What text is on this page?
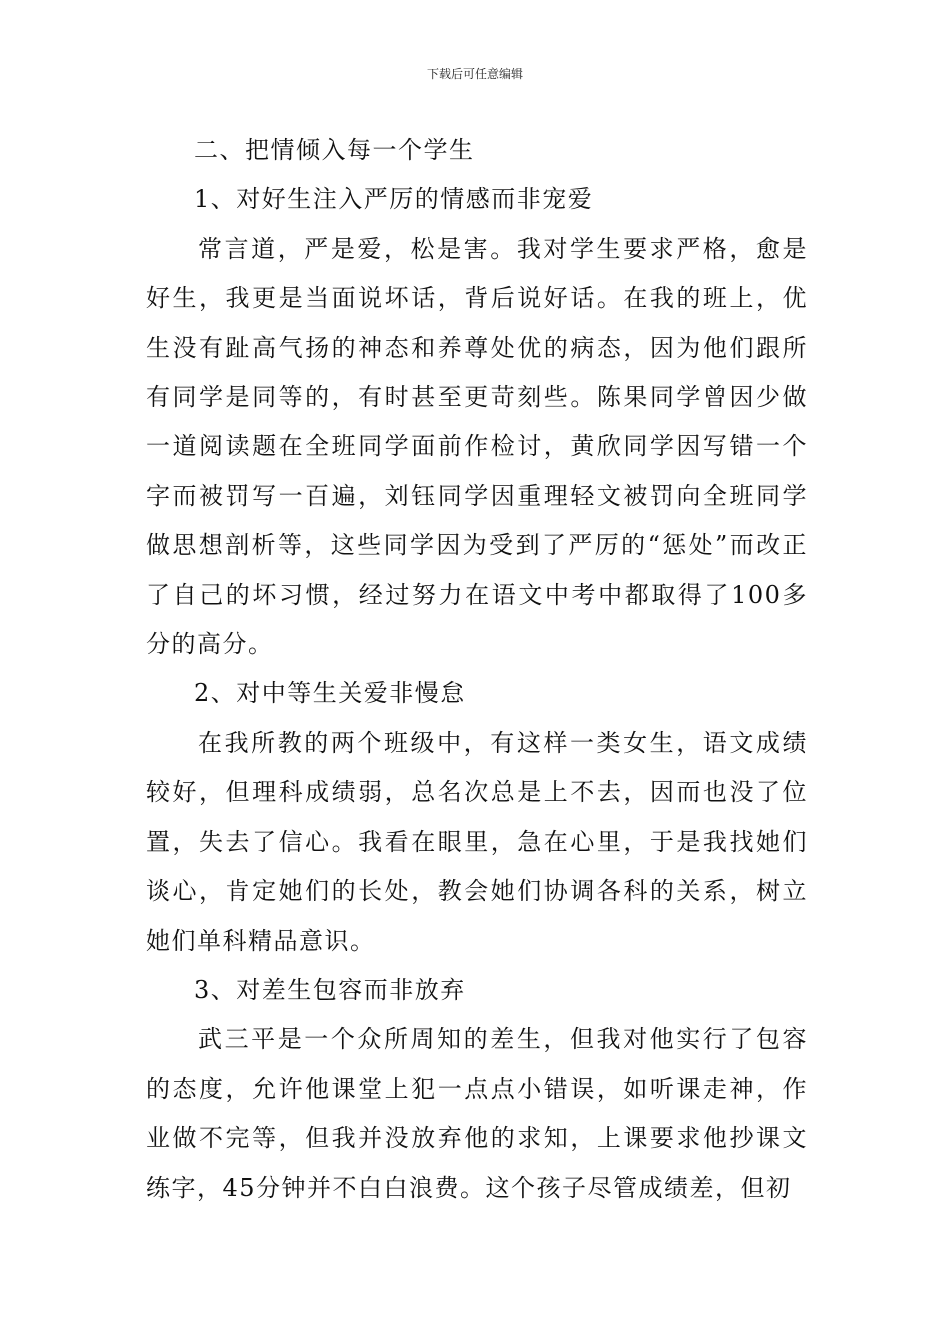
下载后可任意编辑
二、把情倾入每一个学生
1、对好生注入严厉的情感而非宠爱

常言道，严是爱，松是害。我对学生要求严格，愈是好生，我更是当面说坏话，背后说好话。在我的班上，优生没有趾高气扬的神态和养尊处优的病态，因为他们跟所有同学是同等的，有时甚至更苛刻些。陈果同学曾因少做一道阅读题在全班同学面前作检讨，黄欣同学因写错一个字而被罚写一百遍，刘钰同学因重理轻文被罚向全班同学做思想剖析等，这些同学因为受到了严厉的“惩处”而改正了自己的坏习惯，经过努力在语文中考中都取得了100多分的高分。

2、对中等生关爱非慢怠

在我所教的两个班级中，有这样一类女生，语文成绩较好，但理科成绩弱，总名次总是上不去，因而也没了位置，失去了信心。我看在眼里，急在心里，于是我找她们谈心，肯定她们的长处，教会她们协调各科的关系，树立她们单科精品意识。

3、对差生包容而非放弃

武三平是一个众所周知的差生，但我对他实行了包容的态度，允许他课堂上犯一点点小错误，如听课走神，作业做不完等，但我并没放弃他的求知，上课要求他抄课文练字，45分钟并不白白浪费。这个孩子尽管成绩差，但初
